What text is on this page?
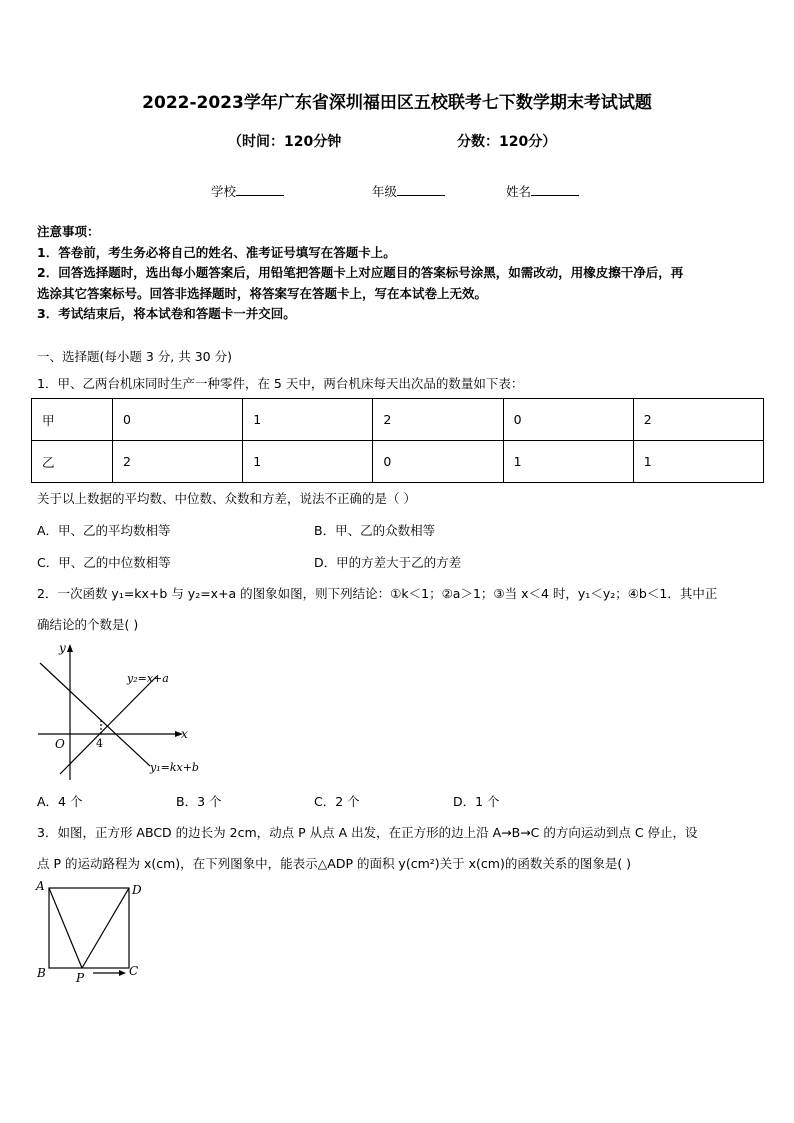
2022-2023学年广东省深圳福田区五校联考七下数学期末考试试题
（时间：120分钟	分数：120分）
学校	年级	姓名
注意事项：
1．答卷前，考生务必将自己的姓名、准考证号填写在答题卡上。
2．回答选择题时，选出每小题答案后，用铅笔把答题卡上对应题目的答案标号涂黑，如需改动，用橡皮擦干净后，再
选涂其它答案标号。回答非选择题时，将答案写在答题卡上，写在本试卷上无效。
3．考试结束后，将本试卷和答题卡一并交回。
一、选择题(每小题 3 分, 共 30 分)
1．甲、乙两台机床同时生产一种零件，在 5 天中，两台机床每天出次品的数量如下表：
甲	0	1	2	0	2
乙	2	1	0	1	1
关于以上数据的平均数、中位数、众数和方差，说法不正确的是（ ）
A．甲、乙的平均数相等	B．甲、乙的众数相等
C．甲、乙的中位数相等	D．甲的方差大于乙的方差
2．一次函数 y₁=kx+b 与 y₂=x+a 的图象如图，则下列结论：①k＜1；②a＞1；③当 x＜4 时，y₁＜y₂；④b＜1．其中正
确结论的个数是( )
y
x
O	4
y₂=x+a
y₁=kx+b
A．4 个	B．3 个	C．2 个	D．1 个
3．如图，正方形 ABCD 的边长为 2cm，动点 P 从点 A 出发，在正方形的边上沿 A→B→C 的方向运动到点 C 停止，设
点 P 的运动路程为 x(cm)，在下列图象中，能表示△ADP 的面积 y(cm²)关于 x(cm)的函数关系的图象是( )
A	D
B	C
P
